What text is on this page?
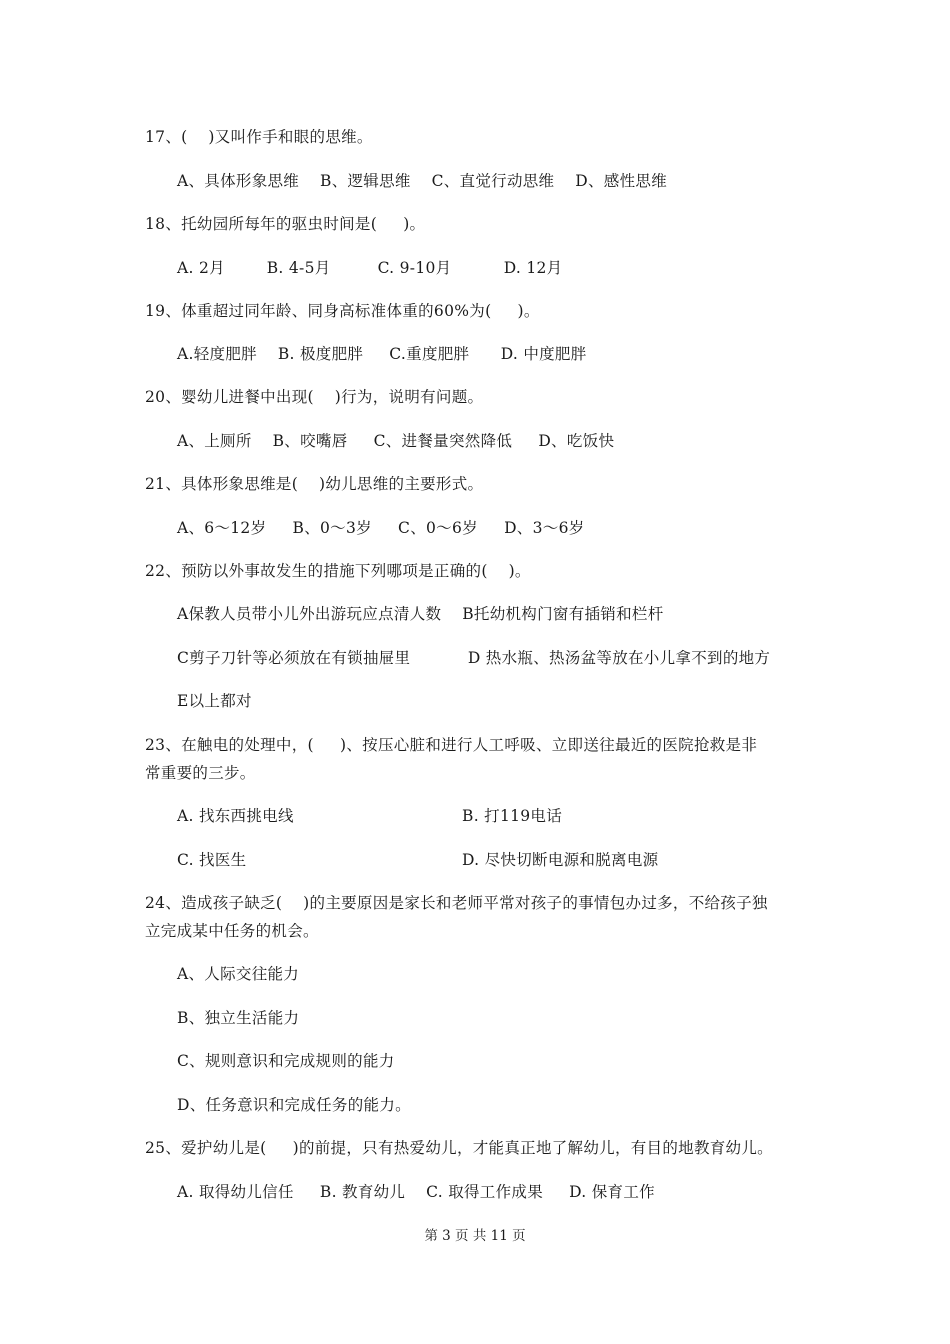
17、(    )又叫作手和眼的思维。
A、具体形象思维    B、逻辑思维    C、直觉行动思维    D、感性思维
18、托幼园所每年的驱虫时间是(     )。
A. 2月        B. 4-5月         C. 9-10月          D. 12月
19、体重超过同年龄、同身高标准体重的60%为(     )。
A.轻度肥胖    B. 极度肥胖     C.重度肥胖      D. 中度肥胖
20、婴幼儿进餐中出现(    )行为，说明有问题。
A、上厕所    B、咬嘴唇     C、进餐量突然降低     D、吃饭快
21、具体形象思维是(    )幼儿思维的主要形式。
A、6～12岁     B、0～3岁     C、0～6岁     D、3～6岁
22、预防以外事故发生的措施下列哪项是正确的(    )。
A保教人员带小儿外出游玩应点清人数    B托幼机构门窗有插销和栏杆
C剪子刀针等必须放在有锁抽屉里           D 热水瓶、热汤盆等放在小儿拿不到的地方
E以上都对
23、在触电的处理中，(     )、按压心脏和进行人工呼吸、立即送往最近的医院抢救是非
常重要的三步。
A. 找东西挑电线	B. 打119电话
C. 找医生	D. 尽快切断电源和脱离电源
24、造成孩子缺乏(    )的主要原因是家长和老师平常对孩子的事情包办过多，不给孩子独
立完成某中任务的机会。
A、人际交往能力
B、独立生活能力
C、规则意识和完成规则的能力
D、任务意识和完成任务的能力。
25、爱护幼儿是(     )的前提，只有热爱幼儿，才能真正地了解幼儿，有目的地教育幼儿。
A. 取得幼儿信任     B. 教育幼儿    C. 取得工作成果     D. 保育工作
第 3 页 共 11 页
